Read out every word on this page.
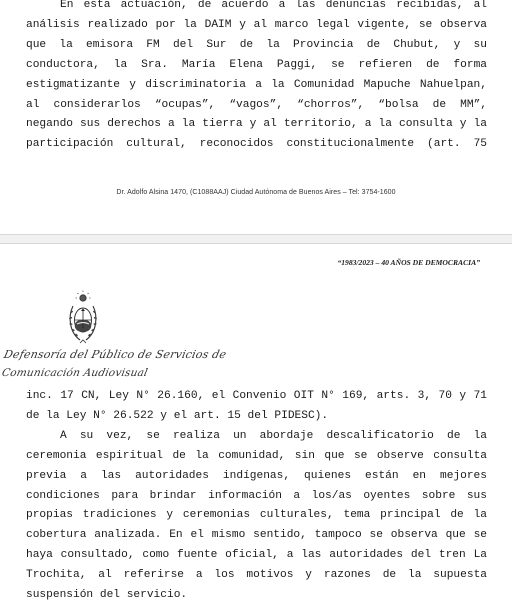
En esta actuación, de acuerdo a las denuncias recibidas, al análisis realizado por la DAIM y al marco legal vigente, se observa que la emisora FM del Sur de la Provincia de Chubut, y su conductora, la Sra. María Elena Paggi, se refieren de forma estigmatizante y discriminatoria a la Comunidad Mapuche Nahuelpan, al considerarlos “ocupas”, “vagos”, “chorros”, “bolsa de MM”, negando sus derechos a la tierra y al territorio, a la consulta y la participación cultural, reconocidos constitucionalmente (art. 75

Dr. Adolfo Alsina 1470, (C1088AAJ) Ciudad Autónoma de Buenos Aires – Tel: 3754-1600
“1983/2023 – 40 AÑOS DE DEMOCRACIA”
Defensoría del Público de Servicios de
Comunicación Audiovisual

inc. 17 CN, Ley N° 26.160, el Convenio OIT N° 169, arts. 3, 70 y 71 de la Ley N° 26.522 y el art. 15 del PIDESC).

A su vez, se realiza un abordaje descalificatorio de la ceremonia espiritual de la comunidad, sin que se observe consulta previa a las autoridades indígenas, quienes están en mejores condiciones para brindar información a los/as oyentes sobre sus propias tradiciones y ceremonias culturales, tema principal de la cobertura analizada. En el mismo sentido, tampoco se observa que se haya consultado, como fuente oficial, a las autoridades del tren La Trochita, al referirse a los motivos y razones de la supuesta suspensión del servicio.
